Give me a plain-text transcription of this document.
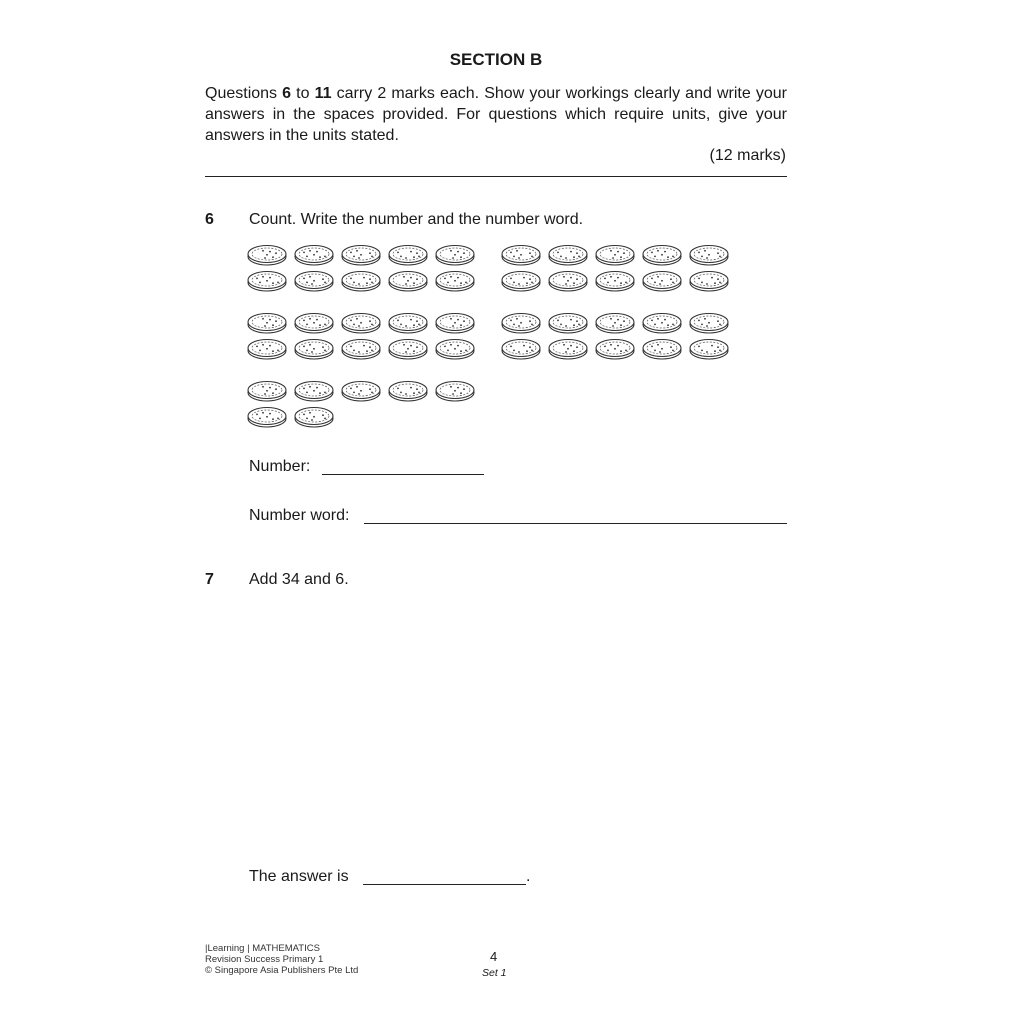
SECTION B
Questions 6 to 11 carry 2 marks each. Show your workings clearly and write your answers in the spaces provided. For questions which require units, give your answers in the units stated.
(12 marks)
6 Count. Write the number and the number word.
Number:
Number word:
7 Add 34 and 6.
The answer is	.
|Learning | MATHEMATICS
Revision Success Primary 1
© Singapore Asia Publishers Pte Ltd
4
Set 1
